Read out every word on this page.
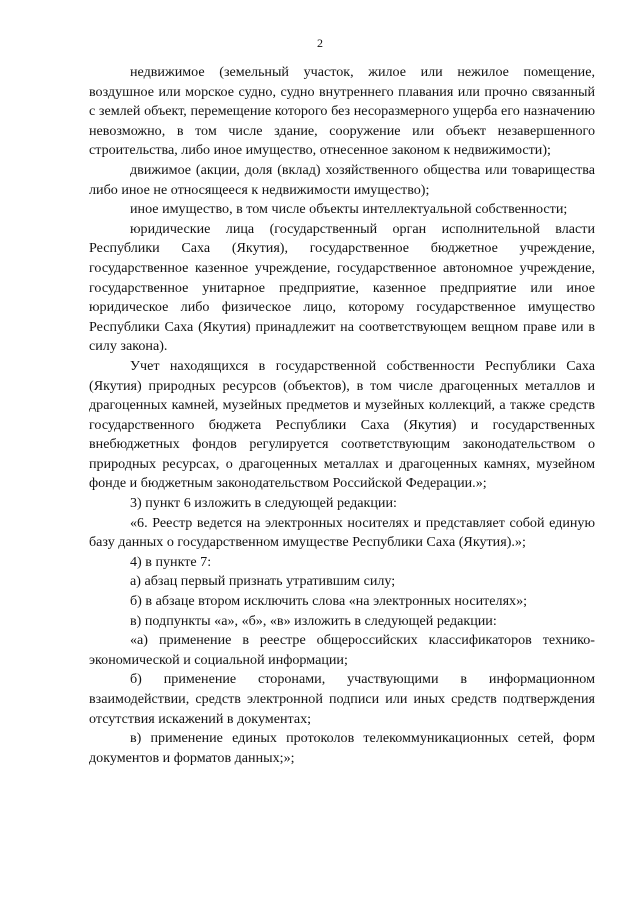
2

недвижимое (земельный участок, жилое или нежилое помещение, воздушное или морское судно, судно внутреннего плавания или прочно связанный с землей объект, перемещение которого без несоразмерного ущерба его назначению невозможно, в том числе здание, сооружение или объект незавершенного строительства, либо иное имущество, отнесенное законом к недвижимости);

движимое (акции, доля (вклад) хозяйственного общества или товарищества либо иное не относящееся к недвижимости имущество);

иное имущество, в том числе объекты интеллектуальной собственности;

юридические лица (государственный орган исполнительной власти Республики Саха (Якутия), государственное бюджетное учреждение, государственное казенное учреждение, государственное автономное учреждение, государственное унитарное предприятие, казенное предприятие или иное юридическое либо физическое лицо, которому государственное имущество Республики Саха (Якутия) принадлежит на соответствующем вещном праве или в силу закона).

Учет находящихся в государственной собственности Республики Саха (Якутия) природных ресурсов (объектов), в том числе драгоценных металлов и драгоценных камней, музейных предметов и музейных коллекций, а также средств государственного бюджета Республики Саха (Якутия) и государственных внебюджетных фондов регулируется соответствующим законодательством о природных ресурсах, о драгоценных металлах и драгоценных камнях, музейном фонде и бюджетным законодательством Российской Федерации.»;

3) пункт 6 изложить в следующей редакции:

«6. Реестр ведется на электронных носителях и представляет собой единую базу данных о государственном имуществе Республики Саха (Якутия).»;

4) в пункте 7:

а) абзац первый признать утратившим силу;

б) в абзаце втором исключить слова «на электронных носителях»;

в) подпункты «а», «б», «в» изложить в следующей редакции:

«а) применение в реестре общероссийских классификаторов технико-экономической и социальной информации;

б) применение сторонами, участвующими в информационном взаимодействии, средств электронной подписи или иных средств подтверждения отсутствия искажений в документах;

в) применение единых протоколов телекоммуникационных сетей, форм документов и форматов данных;»;
